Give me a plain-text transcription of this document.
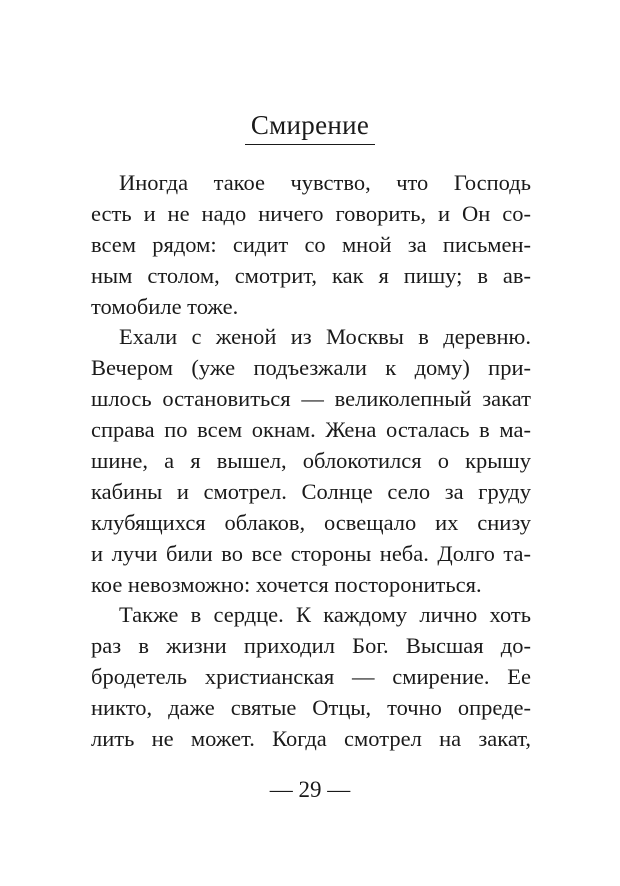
Смирение

Иногда такое чувство, что Господь
есть и не надо ничего говорить, и Он со-
всем рядом: сидит со мной за письмен-
ным столом, смотрит, как я пишу; в ав-
томобиле тоже.

Ехали с женой из Москвы в деревню.
Вечером (уже подъезжали к дому) при-
шлось остановиться — великолепный закат
справа по всем окнам. Жена осталась в ма-
шине, а я вышел, облокотился о крышу
кабины и смотрел. Солнце село за груду
клубящихся облаков, освещало их снизу
и лучи били во все стороны неба. Долго та-
кое невозможно: хочется посторониться.

Также в сердце. К каждому лично хоть
раз в жизни приходил Бог. Высшая до-
бродетель христианская — смирение. Ее
никто, даже святые Отцы, точно опреде-
лить не может. Когда смотрел на закат,

— 29 —
